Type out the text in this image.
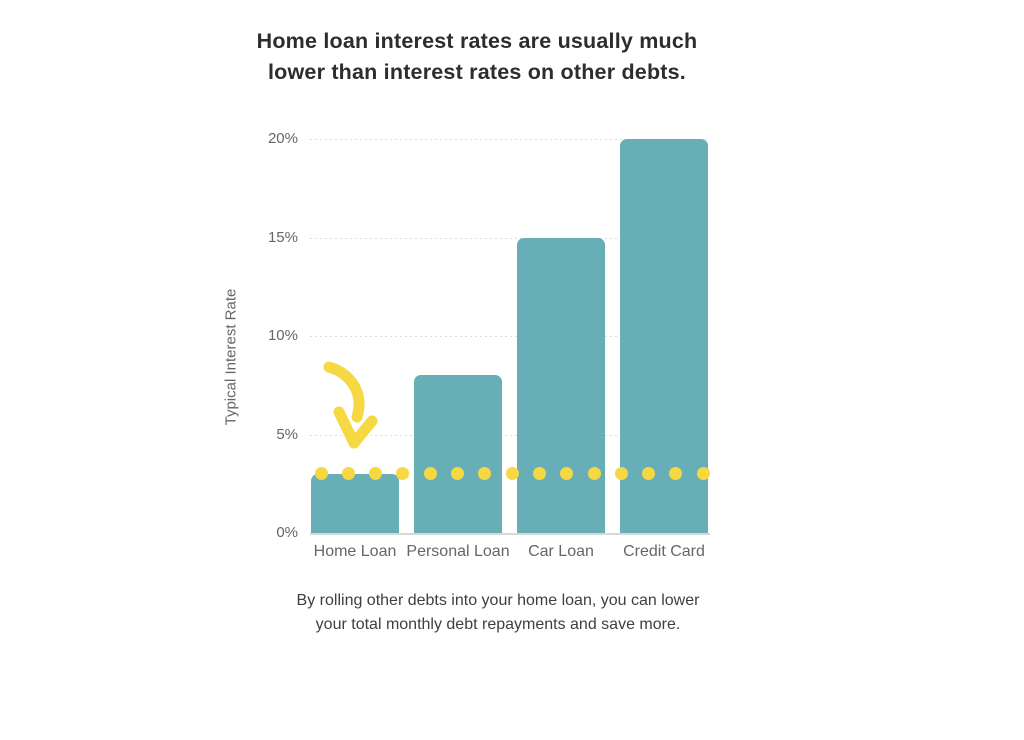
Home loan interest rates are usually much
lower than interest rates on other debts.
Typical Interest Rate
By rolling other debts into your home loan, you can lower
your total monthly debt repayments and save more.
0%
5%
10%
15%
20%
Home Loan Personal Loan	Car Loan	Credit Card
